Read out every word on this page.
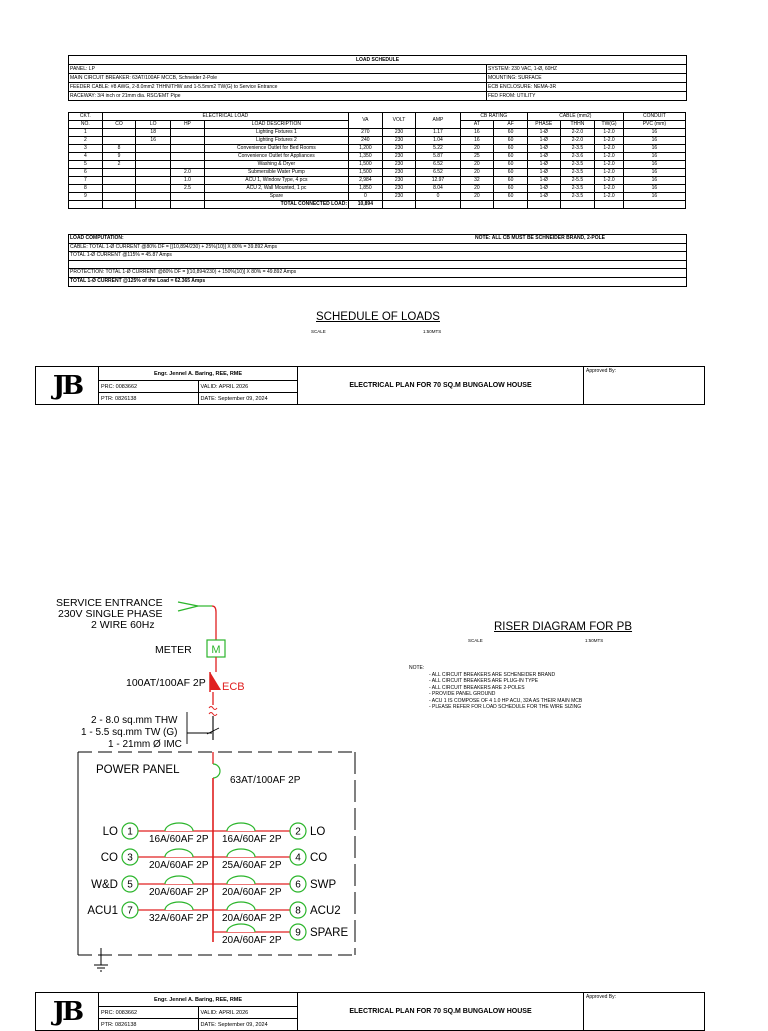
LOAD SCHEDULE
PANEL: LP	SYSTEM: 230 VAC, 1-Ø, 60HZ
MAIN CIRCUIT BREAKER: 63AT/100AF MCCB, Schneider 2-Pole	MOUNTING: SURFACE
FEEDER CABLE: #8 AWG, 2-8.0mm2 THHN/THW and 1-5.5mm2 TW(G) to Service Entrance	ECB ENCLOSURE: NEMA-3R
RACEWAY: 3/4 inch or 21mm dia. RSC/EMT Pipe	FED FROM: UTILITY
CKT.	ELECTRICAL LOAD				VA	VOLT	AMP	CB RATING		CABLE (mm2)			CONDUIT
NO.	CO	LO	HP	LOAD DESCRIPTION				AT	AF	PHASE	THHN	TW(G)	PVC (mm)
1		18		Lighting Fixtures 1	270	230	1.17	16	60	1-Ø	2-2.0	1-2.0	16
2		16		Lighting Fixtures 2	240	230	1.04	16	60	1-Ø	2-2.0	1-2.0	16
3	8			Convenience Outlet for Bed Rooms	1,200	230	5.22	20	60	1-Ø	2-3.5	1-2.0	16
4	9			Convenience Outlet for Appliances	1,350	230	5.87	25	60	1-Ø	2-3.6	1-2.0	16
5	2			Washing & Dryer	1,500	230	6.52	20	60	1-Ø	2-3.5	1-2.0	16
6			2.0	Submersible Water Pump	1,500	230	6.52	20	60	1-Ø	2-3.5	1-2.0	16
7			1.0	ACU 1, Window Type, 4 pcs	2,984	230	12.97	32	60	1-Ø	2-5.5	1-2.0	16
8			2.5	ACU 2, Wall Mounted, 1 pc	1,850	230	8.04	20	60	1-Ø	2-3.5	1-2.0	16
9				Spare	0	230	0	20	60	1-Ø	2-3.5	1-2.0	16
				TOTAL CONNECTED LOAD:	10,894								
LOAD COMPUTATION:	NOTE: ALL CB MUST BE SCHNEIDER BRAND, 2-POLE
CABLE: TOTAL 1-Ø CURRENT @80% DF = [(10,894/230) + 25%(10)] X 80% = 39.892 Amps
TOTAL 1-Ø CURRENT @115% = 45.87 Amps
PROTECTION: TOTAL 1-Ø CURRENT @80% DF = [(10,894/230) + 150%(10)] X 80% = 49.892 Amps
TOTAL 1-Ø CURRENT @125% of the Load = 62.365 Amps
SCHEDULE OF LOADS
SCALE	1:50MTS
JB	Engr. Jennel A. Baring, REE, RME
PRC: 0083662	VALID: APRIL 2026
PTR: 0826138	DATE: September 09, 2024
ELECTRICAL PLAN FOR 70 SQ.M BUNGALOW HOUSE
Approved By:
RISER DIAGRAM FOR PB
SCALE	1:50MTS
NOTE:
- ALL CIRCUIT BREAKERS ARE SCHENEIDER BRAND
- ALL CIRCUIT BREAKERS ARE PLUG-IN TYPE
- ALL CIRCUIT BREAKERS ARE 2-POLES
- PROVIDE PANEL GROUND
- ACU 1 IS COMPOSE OF 4 1.0 HP ACU, 32A AS THEIR MAIN MCB
- PLEASE REFER FOR LOAD SCHEDULE FOR THE WIRE SIZING
SERVICE ENTRANCE
230V SINGLE PHASE
2 WIRE 60Hz
M
METER
100AT/100AF 2P ECB
2 - 8.0 sq.mm THW
1 - 5.5 sq.mm TW (G)
1 - 21mm Ø IMC
POWER PANEL
63AT/100AF 2P
1
LO
16A/60AF 2P
2 LO
16A/60AF 2P
3
CO
20A/60AF 2P
4 CO
25A/60AF 2P
5
W&D
20A/60AF 2P
6 SWP
20A/60AF 2P
7
ACU1
32A/60AF 2P
8 ACU2
20A/60AF 2P
9 SPARE
20A/60AF 2P
JB	Engr. Jennel A. Baring, REE, RME
PRC: 0083662	VALID: APRIL 2026
PTR: 0826138	DATE: September 09, 2024
ELECTRICAL PLAN FOR 70 SQ.M BUNGALOW HOUSE
Approved By:
